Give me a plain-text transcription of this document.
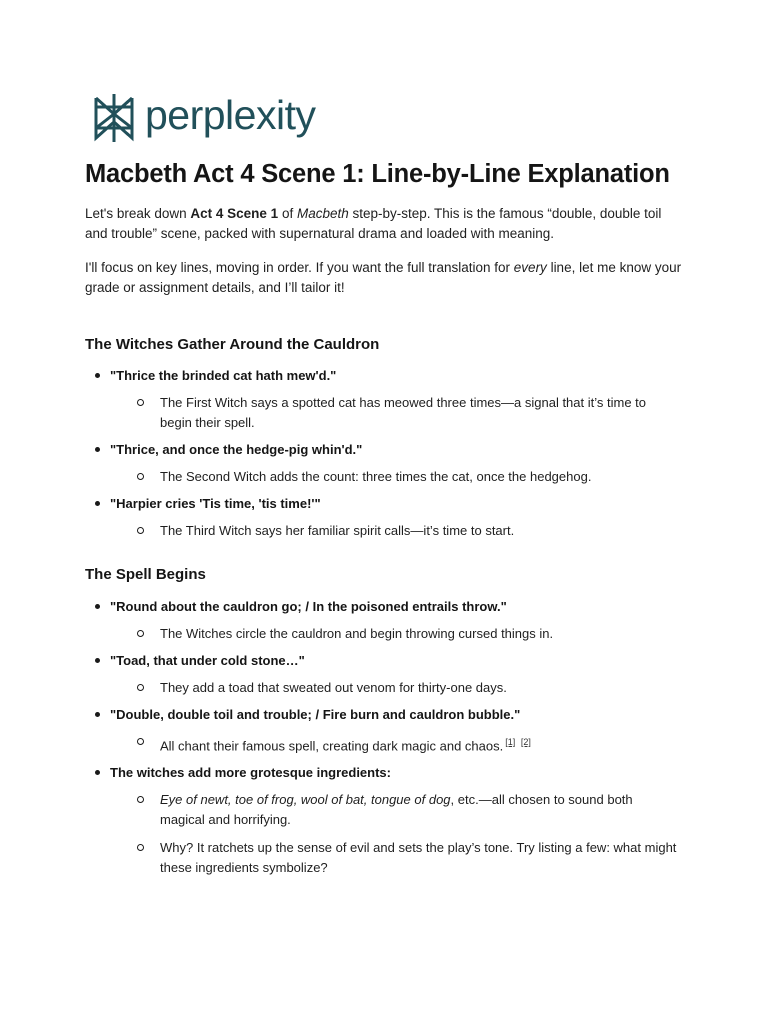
perplexity
Macbeth Act 4 Scene 1: Line-by-Line Explanation

Let's break down Act 4 Scene 1 of Macbeth step-by-step. This is the famous “double, double toil and trouble” scene, packed with supernatural drama and loaded with meaning.

I'll focus on key lines, moving in order. If you want the full translation for every line, let me know your grade or assignment details, and I’ll tailor it!

The Witches Gather Around the Cauldron
"Thrice the brinded cat hath mew'd."
The First Witch says a spotted cat has meowed three times—a signal that it’s time to begin their spell.
"Thrice, and once the hedge-pig whin'd."
The Second Witch adds the count: three times the cat, once the hedgehog.
"Harpier cries 'Tis time, 'tis time!'"
The Third Witch says her familiar spirit calls—it’s time to start.
The Spell Begins
"Round about the cauldron go; / In the poisoned entrails throw."
The Witches circle the cauldron and begin throwing cursed things in.
"Toad, that under cold stone…"
They add a toad that sweated out venom for thirty-one days.
"Double, double toil and trouble; / Fire burn and cauldron bubble."
All chant their famous spell, creating dark magic and chaos. [1] [2]
The witches add more grotesque ingredients:
Eye of newt, toe of frog, wool of bat, tongue of dog, etc.—all chosen to sound both magical and horrifying.
Why? It ratchets up the sense of evil and sets the play’s tone. Try listing a few: what might these ingredients symbolize?
